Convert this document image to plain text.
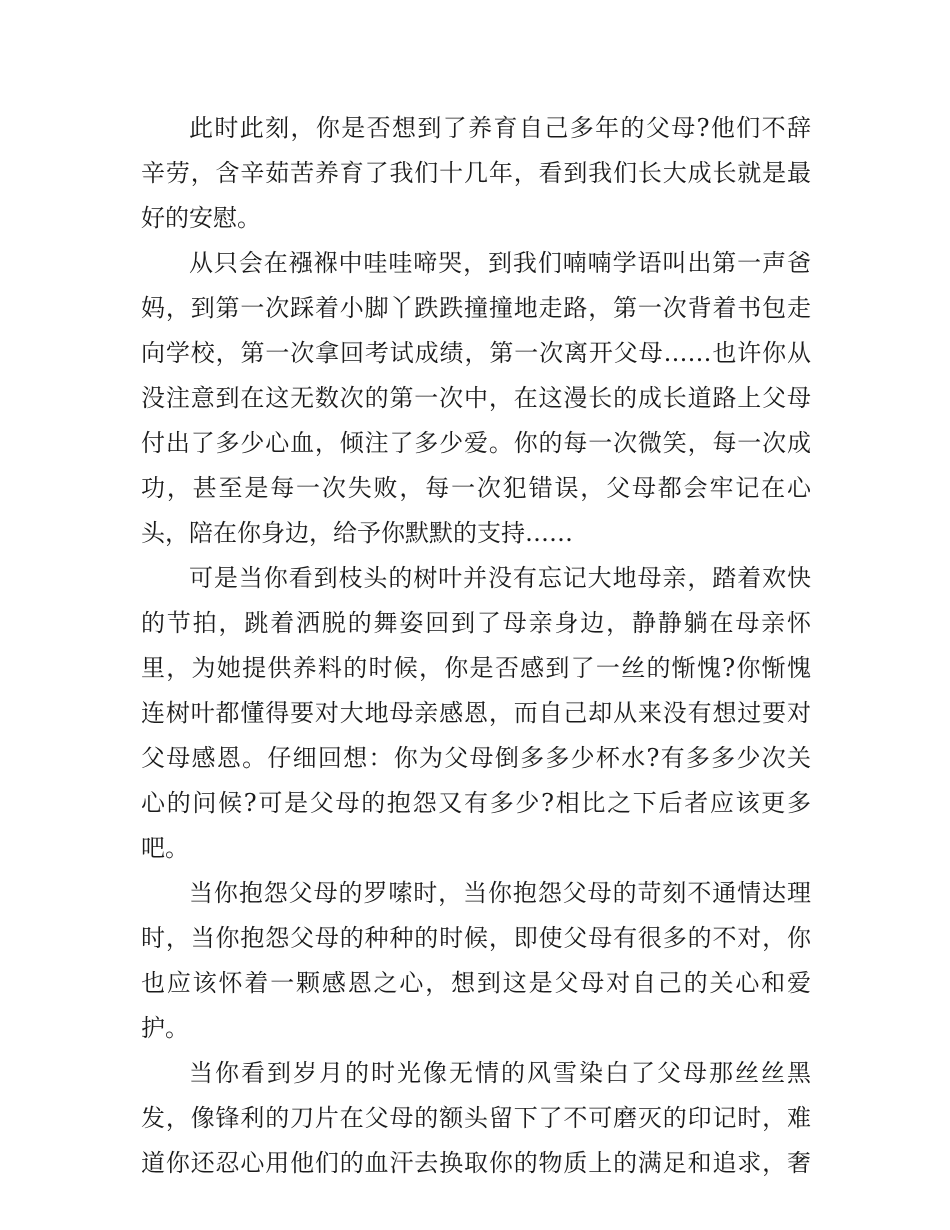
此时此刻，你是否想到了养育自己多年的父母?他们不辞
辛劳，含辛茹苦养育了我们十几年，看到我们长大成长就是最
好的安慰。

从只会在襁褓中哇哇啼哭，到我们喃喃学语叫出第一声爸
妈，到第一次踩着小脚丫跌跌撞撞地走路，第一次背着书包走
向学校，第一次拿回考试成绩，第一次离开父母……也许你从
没注意到在这无数次的第一次中，在这漫长的成长道路上父母
付出了多少心血，倾注了多少爱。你的每一次微笑，每一次成
功，甚至是每一次失败，每一次犯错误，父母都会牢记在心
头，陪在你身边，给予你默默的支持……

可是当你看到枝头的树叶并没有忘记大地母亲，踏着欢快
的节拍，跳着洒脱的舞姿回到了母亲身边，静静躺在母亲怀
里，为她提供养料的时候，你是否感到了一丝的惭愧?你惭愧
连树叶都懂得要对大地母亲感恩，而自己却从来没有想过要对
父母感恩。仔细回想：你为父母倒多多少杯水?有多多少次关
心的问候?可是父母的抱怨又有多少?相比之下后者应该更多
吧。

当你抱怨父母的罗嗦时，当你抱怨父母的苛刻不通情达理
时，当你抱怨父母的种种的时候，即使父母有很多的不对，你
也应该怀着一颗感恩之心，想到这是父母对自己的关心和爱
护。

当你看到岁月的时光像无情的风雪染白了父母那丝丝黑
发，像锋利的刀片在父母的额头留下了不可磨灭的印记时，难
道你还忍心用他们的血汗去换取你的物质上的满足和追求，奢
